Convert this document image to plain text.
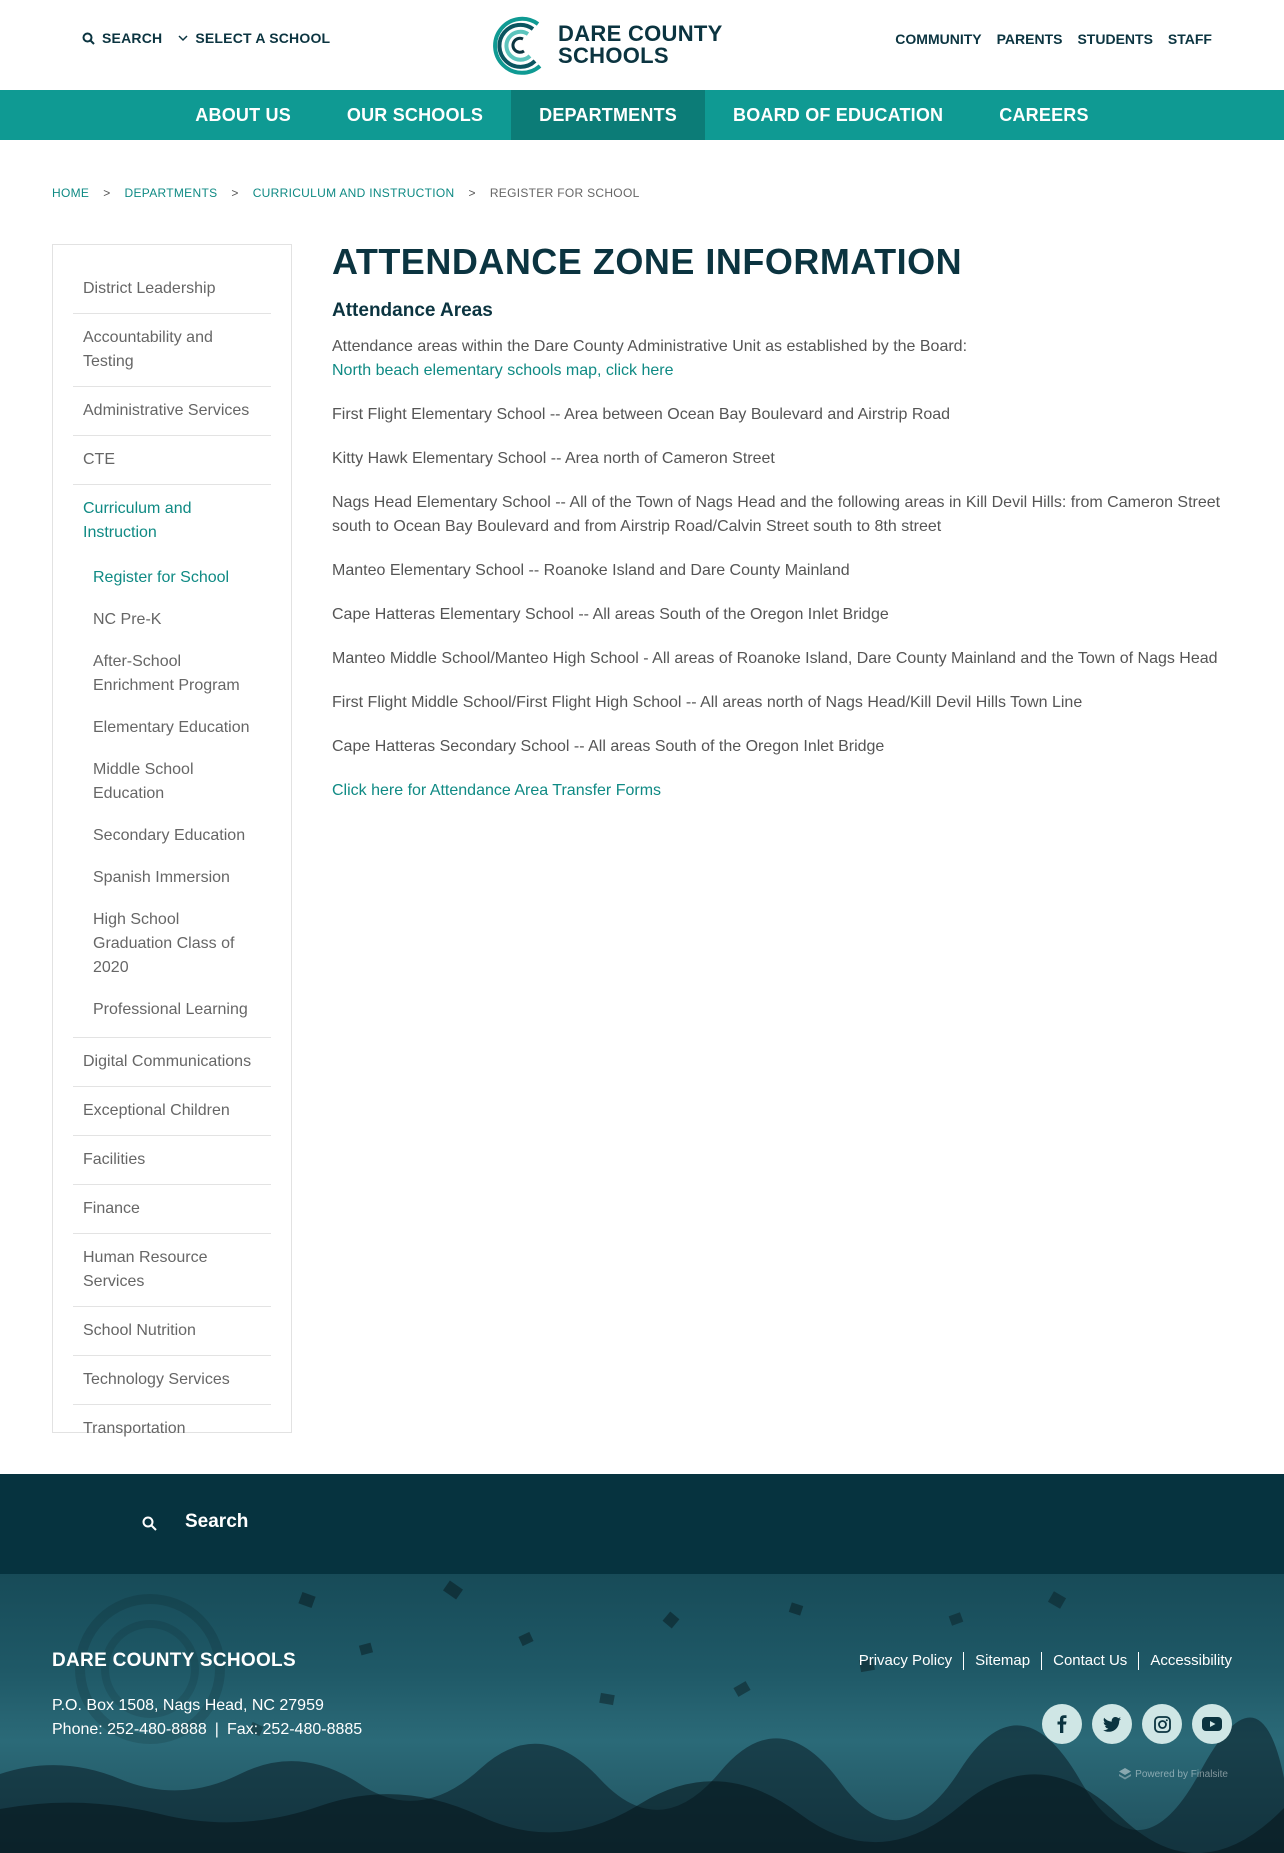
SEARCH SELECT A SCHOOL	DARE COUNTY
SCHOOLS
COMMUNITY PARENTS STUDENTS STAFF
ABOUT US	OUR SCHOOLS	DEPARTMENTS	BOARD OF EDUCATION	CAREERS
HOME > DEPARTMENTS > CURRICULUM AND INSTRUCTION > REGISTER FOR SCHOOL
District Leadership
Accountability and Testing
Administrative Services
CTE
Curriculum and Instruction
Register for School
NC Pre-K
After-School Enrichment Program
Elementary Education
Middle School Education
Secondary Education
Spanish Immersion
High School Graduation Class of 2020
Professional Learning
Digital Communications
Exceptional Children
Facilities
Finance
Human Resource Services
School Nutrition
Technology Services
Transportation
ATTENDANCE ZONE INFORMATION
Attendance Areas
Attendance areas within the Dare County Administrative Unit as established by the Board:
North beach elementary schools map, click here

First Flight Elementary School -- Area between Ocean Bay Boulevard and Airstrip Road

Kitty Hawk Elementary School -- Area north of Cameron Street

Nags Head Elementary School -- All of the Town of Nags Head and the following areas in Kill Devil Hills: from Cameron Street south to Ocean Bay Boulevard and from Airstrip Road/Calvin Street south to 8th street

Manteo Elementary School -- Roanoke Island and Dare County Mainland

Cape Hatteras Elementary School -- All areas South of the Oregon Inlet Bridge

Manteo Middle School/Manteo High School - All areas of Roanoke Island, Dare County Mainland and the Town of Nags Head

First Flight Middle School/First Flight High School -- All areas north of Nags Head/Kill Devil Hills Town Line

Cape Hatteras Secondary School -- All areas South of the Oregon Inlet Bridge

Click here for Attendance Area Transfer Forms

Search
DARE COUNTY SCHOOLS
P.O. Box 1508, Nags Head, NC 27959
Phone: 252-480-8888 | Fax: 252-480-8885
Privacy Policy	Sitemap	Contact Us	Accessibility
Powered by Finalsite
